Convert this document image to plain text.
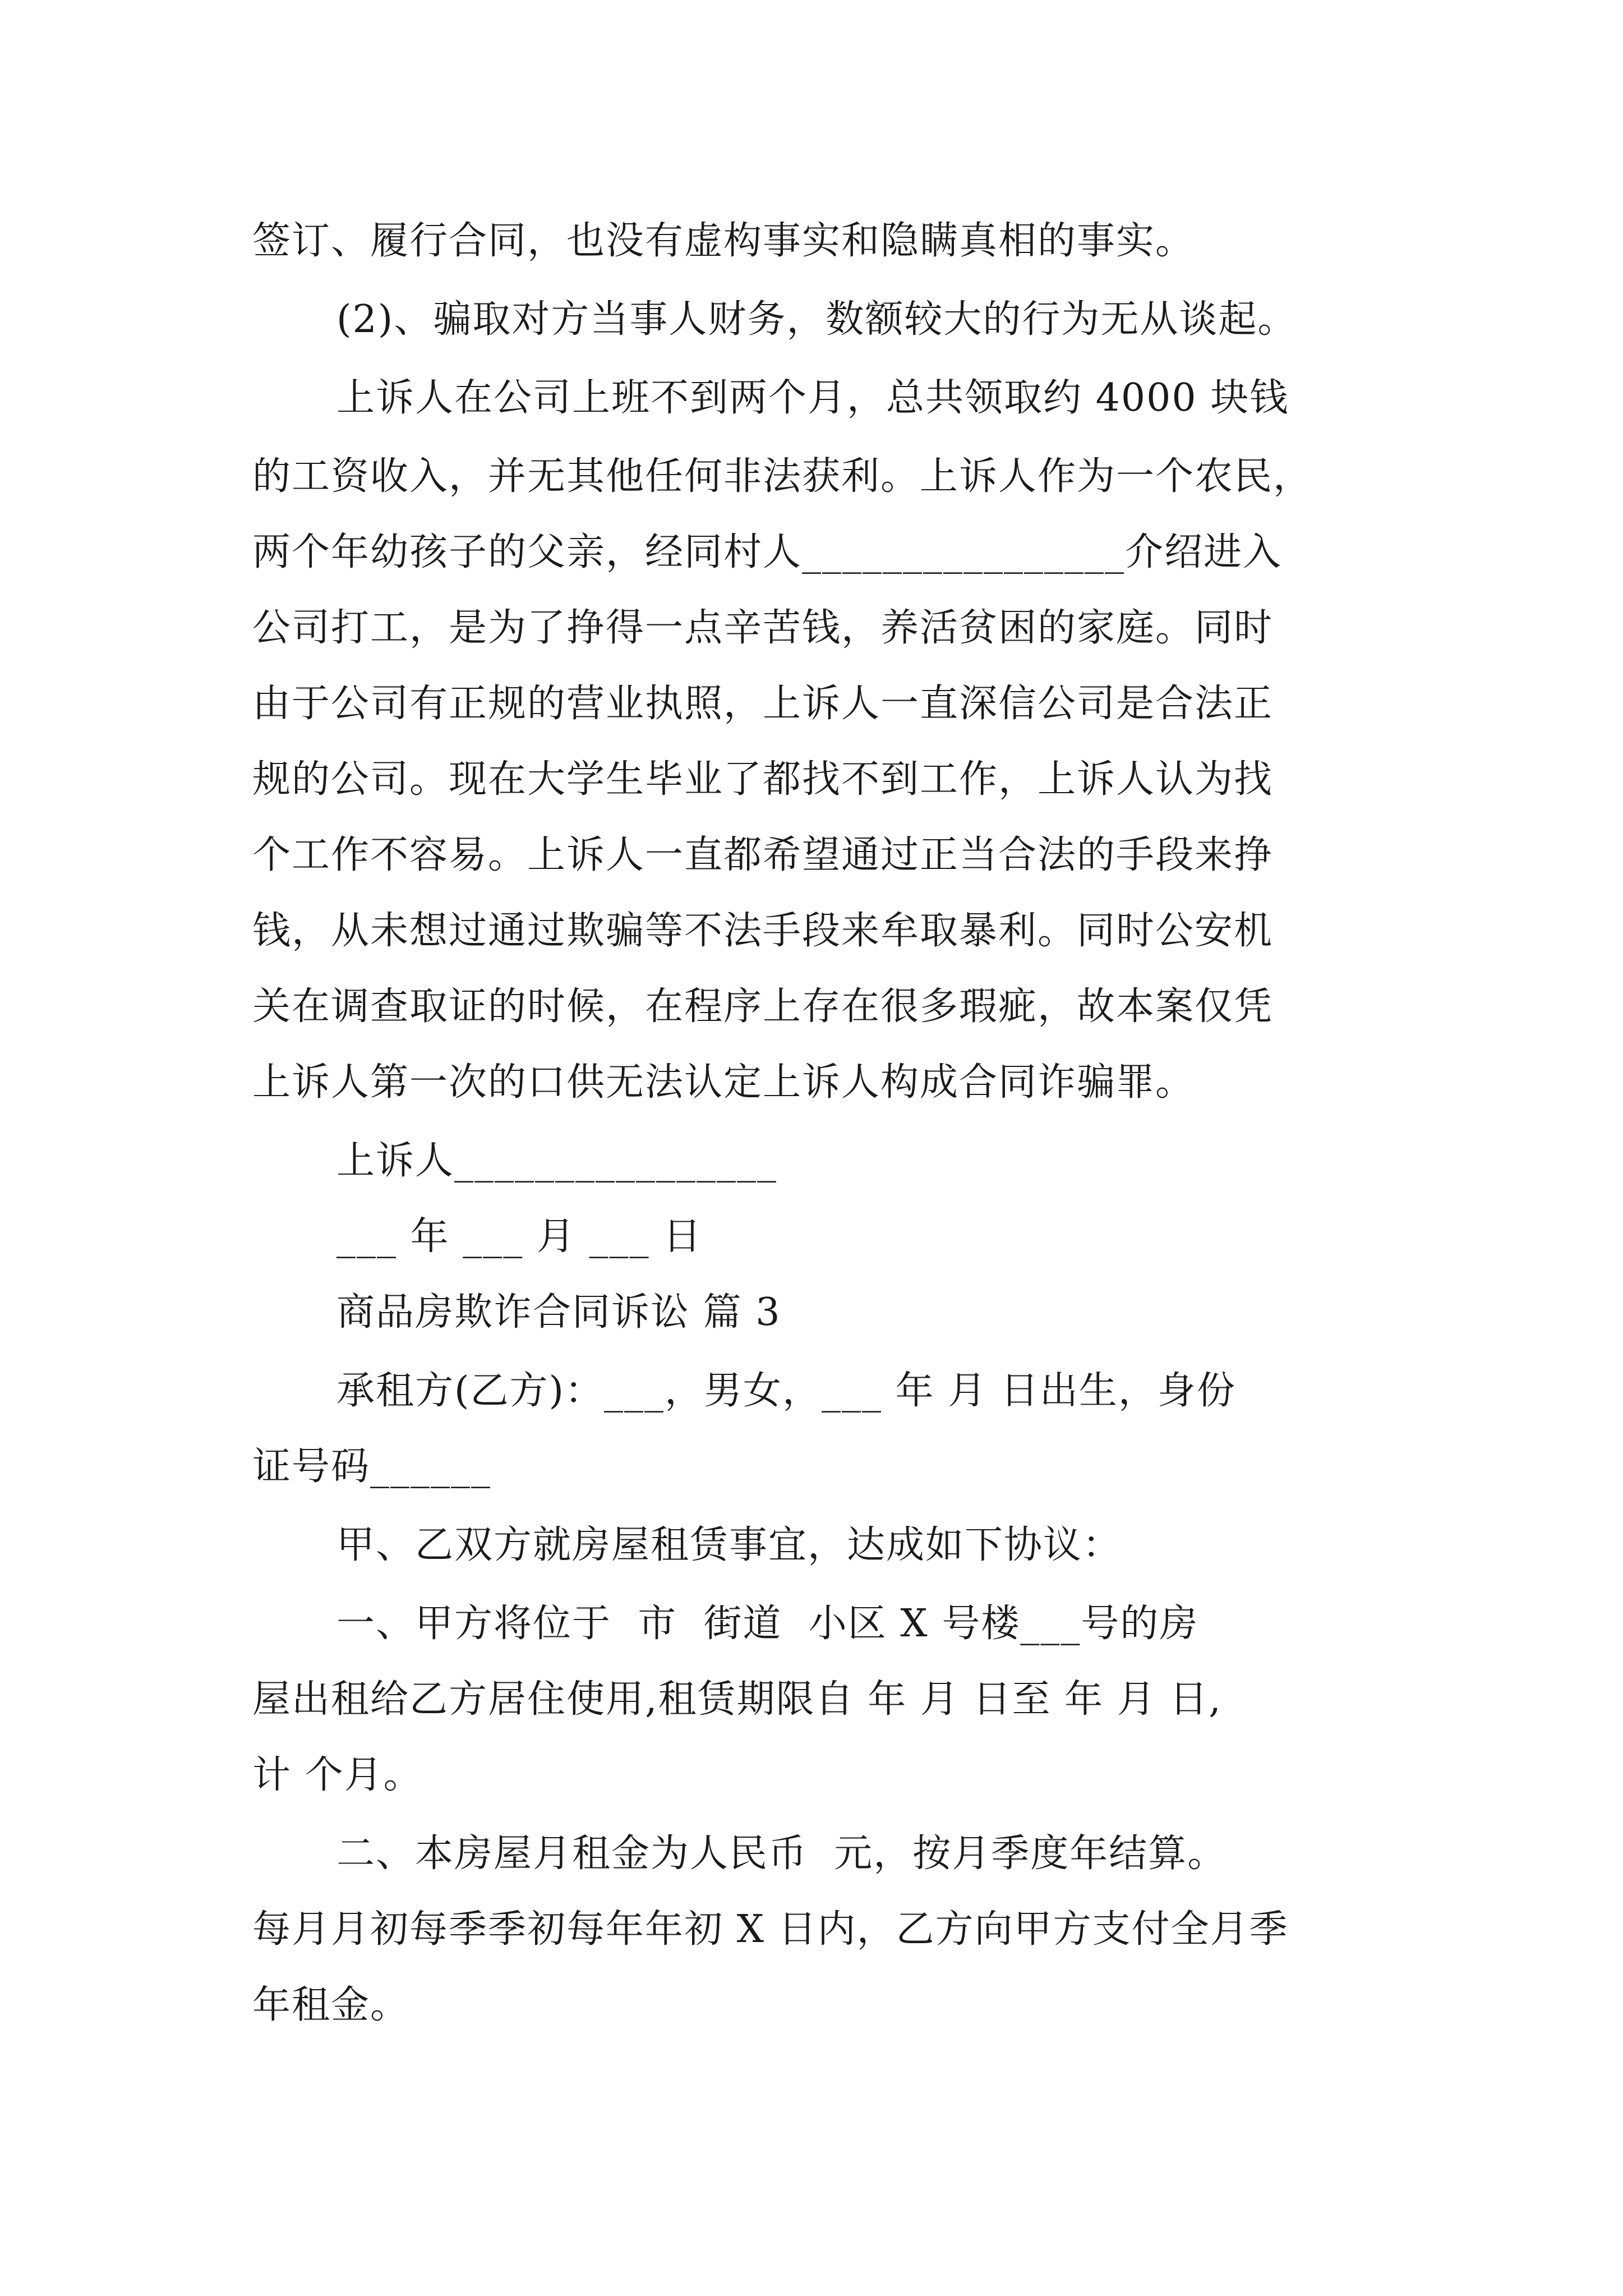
签订、履行合同，也没有虚构事实和隐瞒真相的事实。
(2)、骗取对方当事人财务，数额较大的行为无从谈起。
上诉人在公司上班不到两个月，总共领取约 4000 块钱
的工资收入，并无其他任何非法获利。上诉人作为一个农民，
两个年幼孩子的父亲，经同村人________________介绍进入
公司打工，是为了挣得一点辛苦钱，养活贫困的家庭。同时
由于公司有正规的营业执照，上诉人一直深信公司是合法正
规的公司。现在大学生毕业了都找不到工作，上诉人认为找
个工作不容易。上诉人一直都希望通过正当合法的手段来挣
钱，从未想过通过欺骗等不法手段来牟取暴利。同时公安机
关在调查取证的时候，在程序上存在很多瑕疵，故本案仅凭
上诉人第一次的口供无法认定上诉人构成合同诈骗罪。
上诉人________________
___ 年 ___ 月 ___ 日
商品房欺诈合同诉讼 篇 3
承租方(乙方)：___，男女，___ 年 月 日出生，身份
证号码______
甲、乙双方就房屋租赁事宜，达成如下协议：
一、甲方将位于  市  街道  小区 X 号楼___号的房
屋出租给乙方居住使用,租赁期限自 年 月 日至 年 月 日,
计 个月。
二、本房屋月租金为人民币  元，按月季度年结算。
每月月初每季季初每年年初 X 日内，乙方向甲方支付全月季
年租金。
